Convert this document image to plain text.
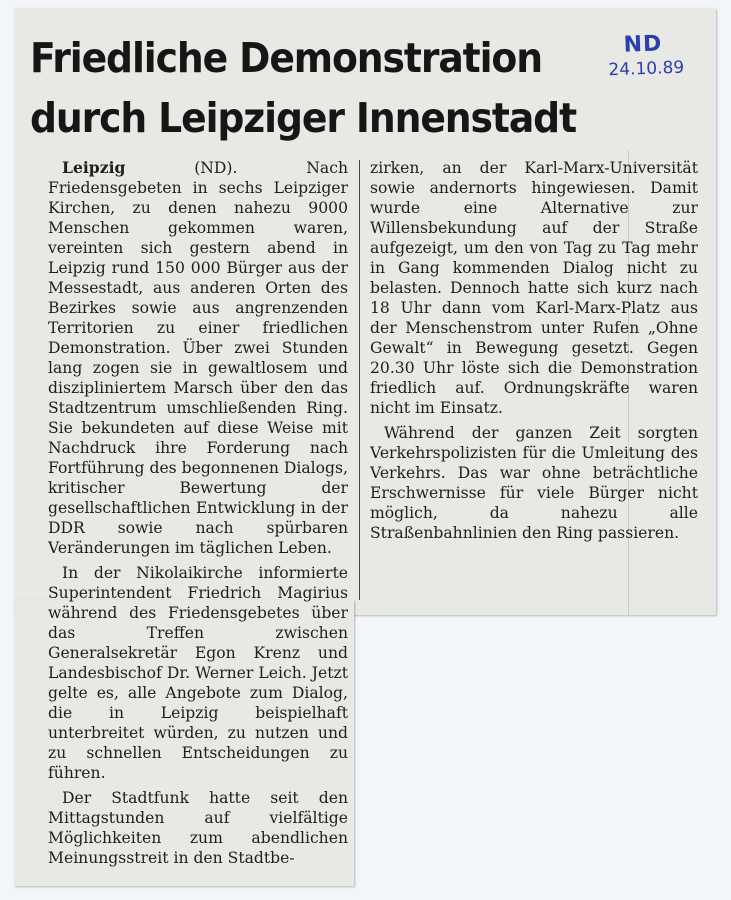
Friedliche Demonstration
durch Leipziger Innenstadt
ND
24.10.89

Leipzig (ND). Nach Friedensgebeten in sechs Leipziger Kirchen, zu denen nahezu 9000 Menschen gekommen waren, vereinten sich gestern abend in Leipzig rund 150 000 Bürger aus der Messestadt, aus anderen Orten des Bezirkes sowie aus angrenzenden Territorien zu einer friedlichen Demonstration. Über zwei Stunden lang zogen sie in gewaltlosem und diszipliniertem Marsch über den das Stadtzentrum umschließenden Ring. Sie bekundeten auf diese Weise mit Nachdruck ihre Forderung nach Fortführung des begonnenen Dialogs, kritischer Bewertung der gesellschaftlichen Entwicklung in der DDR sowie nach spürbaren Veränderungen im täglichen Leben.

In der Nikolaikirche informierte Superintendent Friedrich Magirius während des Friedensgebetes über das Treffen zwischen Generalsekretär Egon Krenz und Landesbischof Dr. Werner Leich. Jetzt gelte es, alle Angebote zum Dialog, die in Leipzig beispielhaft unterbreitet würden, zu nutzen und zu schnellen Entscheidungen zu führen.

Der Stadtfunk hatte seit den Mittagstunden auf vielfältige Möglichkeiten zum abendlichen Meinungsstreit in den Stadtbe-

zirken, an der Karl-Marx-Universität sowie andernorts hingewiesen. Damit wurde eine Alternative zur Willensbekundung auf der Straße aufgezeigt, um den von Tag zu Tag mehr in Gang kommenden Dialog nicht zu belasten. Dennoch hatte sich kurz nach 18 Uhr dann vom Karl-Marx-Platz aus der Menschenstrom unter Rufen „Ohne Gewalt“ in Bewegung gesetzt. Gegen 20.30 Uhr löste sich die Demonstration friedlich auf. Ordnungskräfte waren nicht im Einsatz.

Während der ganzen Zeit sorgten Verkehrspolizisten für die Umleitung des Verkehrs. Das war ohne beträchtliche Erschwernisse für viele Bürger nicht möglich, da nahezu alle Straßenbahnlinien den Ring passieren.
